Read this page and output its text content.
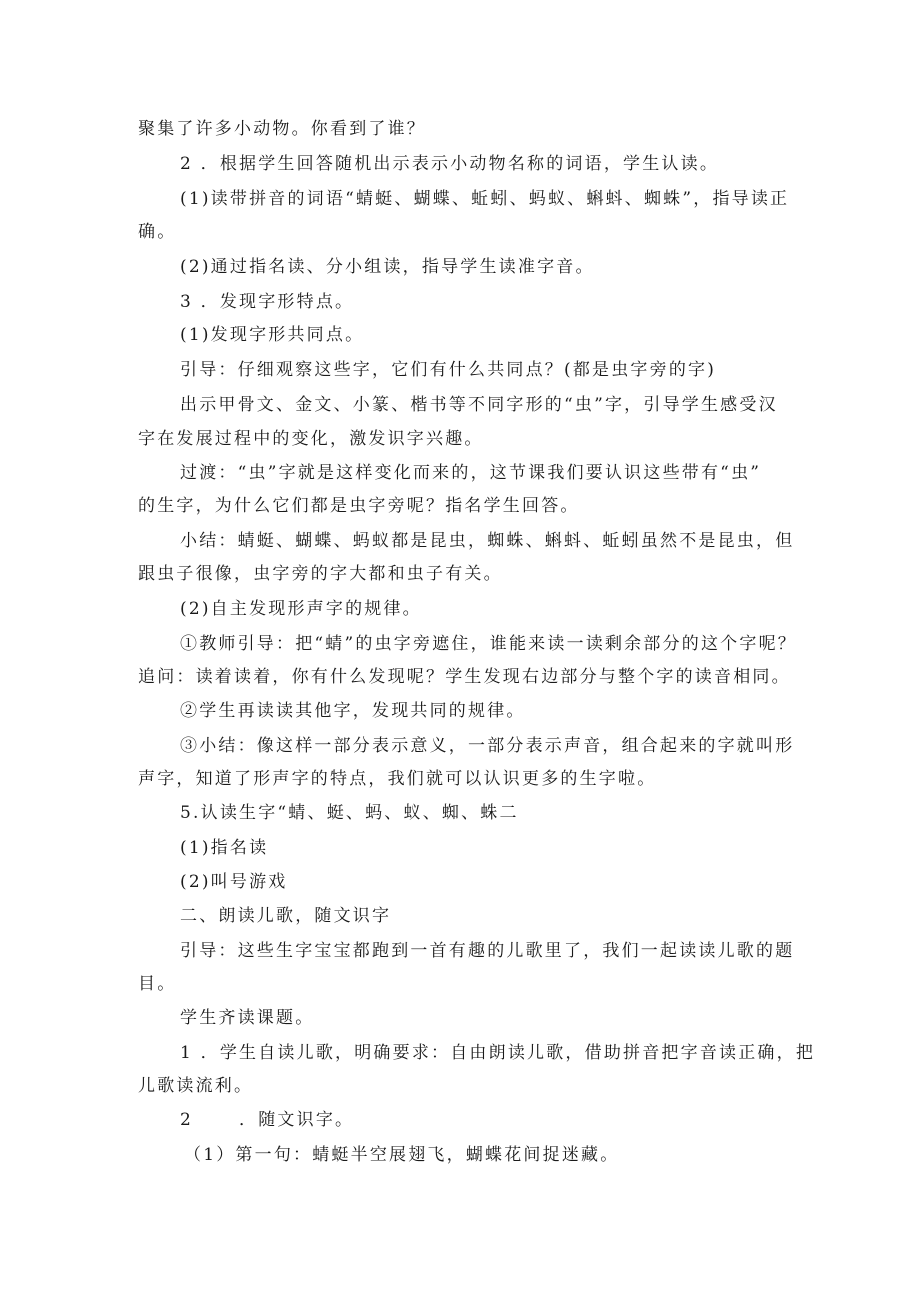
聚集了许多小动物。你看到了谁？
2 ．根据学生回答随机出示表示小动物名称的词语，学生认读。
(1)读带拼音的词语“蜻蜓、蝴蝶、蚯蚓、蚂蚁、蝌蚪、蜘蛛”，指导读正
确。
(2)通过指名读、分小组读，指导学生读准字音。
3 ．发现字形特点。
(1)发现字形共同点。
引导：仔细观察这些字，它们有什么共同点？(都是虫字旁的字)
出示甲骨文、金文、小篆、楷书等不同字形的“虫”字，引导学生感受汉
字在发展过程中的变化，激发识字兴趣。
过渡：“虫”字就是这样变化而来的，这节课我们要认识这些带有“虫”
的生字，为什么它们都是虫字旁呢？指名学生回答。
小结：蜻蜓、蝴蝶、蚂蚁都是昆虫，蜘蛛、蝌蚪、蚯蚓虽然不是昆虫，但
跟虫子很像，虫字旁的字大都和虫子有关。
(2)自主发现形声字的规律。
①教师引导：把“蜻”的虫字旁遮住，谁能来读一读剩余部分的这个字呢？
追问：读着读着，你有什么发现呢？学生发现右边部分与整个字的读音相同。
②学生再读读其他字，发现共同的规律。
③小结：像这样一部分表示意义，一部分表示声音，组合起来的字就叫形
声字，知道了形声字的特点，我们就可以认识更多的生字啦。
5.认读生字“蜻、蜓、蚂、蚁、蜘、蛛二
(1)指名读
(2)叫号游戏
二、朗读儿歌，随文识字
引导：这些生字宝宝都跑到一首有趣的儿歌里了，我们一起读读儿歌的题
目。
学生齐读课题。
1 ．学生自读儿歌，明确要求：自由朗读儿歌，借助拼音把字音读正确，把
儿歌读流利。
2 　　．随文识字。
（1）第一句：蜻蜓半空展翅飞，蝴蝶花间捉迷藏。
